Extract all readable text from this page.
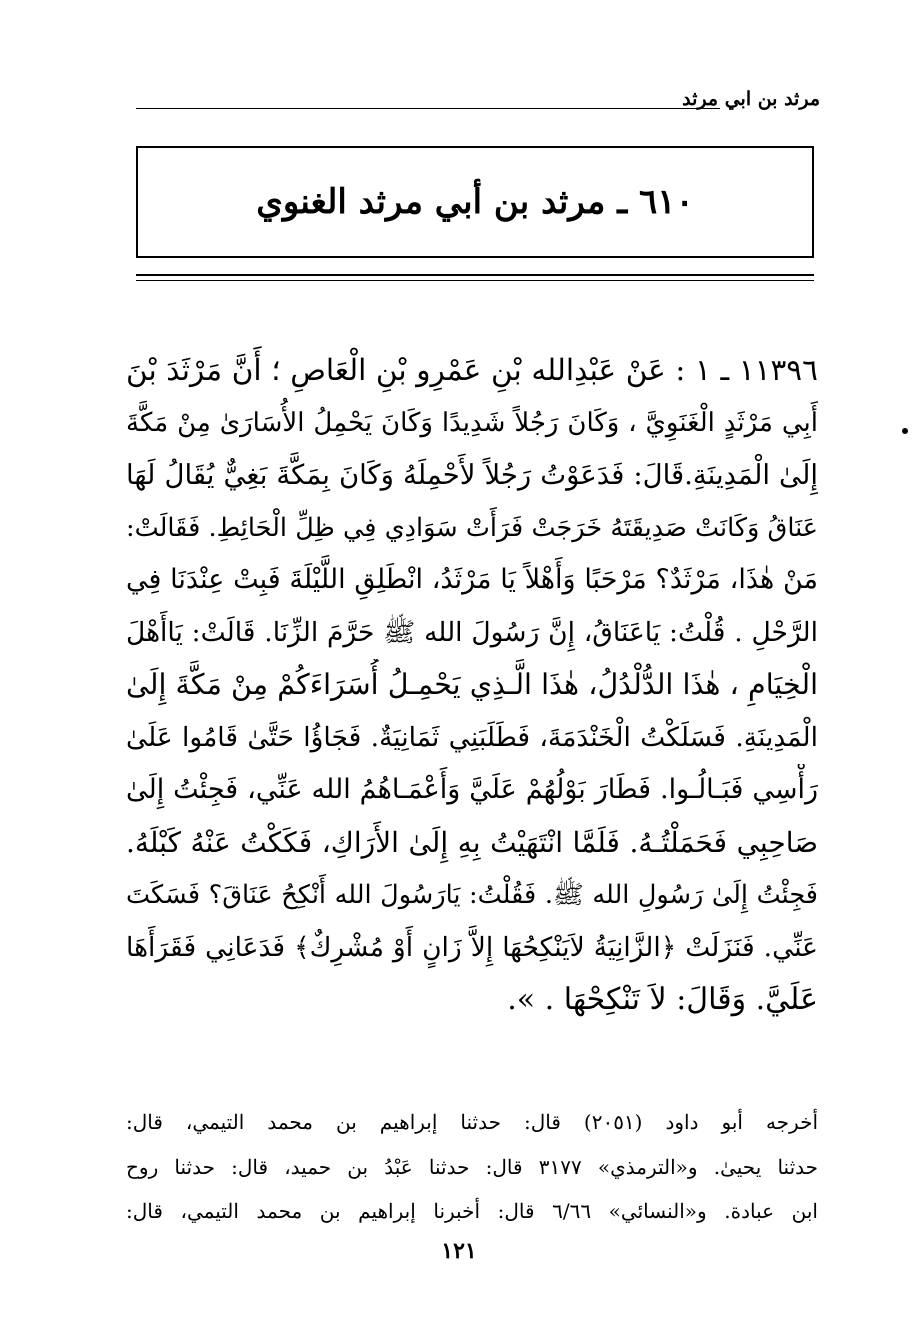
مرثد بن ابي مرثد
٦١٠ ـ مرثد بن أبي مرثد الغنوي
١١٣٩٦ ـ ١ : عَنْ عَبْدِالله بْنِ عَمْرِو بْنِ الْعَاصِ ؛ أَنَّ مَرْثَدَ بْنَ
أَبِي مَرْثَدٍ الْغَنَوِيَّ ، وَكَانَ رَجُلاً شَدِيدًا وَكَانَ يَحْمِلُ الأُسَارَىٰ مِنْ مَكَّةَ
إِلَىٰ الْمَدِينَةِ.قَالَ: فَدَعَوْتُ رَجُلاً لأَحْمِلَهُ وَكَانَ بِمَكَّةَ بَغِيٌّ يُقَالُ لَهَا
عَنَاقُ وَكَانَتْ صَدِيقَتَهُ خَرَجَتْ فَرَأَتْ سَوَادِي فِي ظِلِّ الْحَائِطِ. فَقَالَتْ:
مَنْ هٰذَا، مَرْثَدٌ؟ مَرْحَبًا وَأَهْلاً يَا مَرْثَدُ، انْطَلِقِ اللَّيْلَةَ فَبِتْ عِنْدَنَا فِي
الرَّحْلِ . قُلْتُ: يَاعَنَاقُ، إِنَّ رَسُولَ الله ﷺ حَرَّمَ الزِّنَا. قَالَتْ: يَاأَهْلَ
الْخِيَامِ ، هٰذَا الدُّلْدُلُ، هٰذَا الَّـذِي يَحْمِـلُ أُسَرَاءَكُمْ مِنْ مَكَّةَ إِلَىٰ
الْمَدِينَةِ. فَسَلَكْتُ الْخَنْدَمَةَ، فَطَلَبَنِي ثَمَانِيَةٌ. فَجَاؤُا حَتَّىٰ قَامُوا عَلَىٰ
رَأْسِي فَبَـالُـوا. فَطَارَ بَوْلُهُمْ عَلَيَّ وَأَعْمَـاهُمُ الله عَنِّي، فَجِئْتُ إِلَىٰ
صَاحِبِي فَحَمَلْتُـهُ. فَلَمَّا انْتَهَيْتُ بِهِ إِلَىٰ الأَرَاكِ، فَكَكْتُ عَنْهُ كَبْلَهُ.
فَجِئْتُ إِلَىٰ رَسُولِ الله ﷺ. فَقُلْتُ: يَارَسُولَ الله أَنْكِحُ عَنَاقَ؟ فَسَكَتَ
عَنِّي. فَنَزَلَتْ ﴿الزَّانِيَةُ لاَيَنْكِحُهَا إِلاَّ زَانٍ أَوْ مُشْرِكٌ﴾ فَدَعَانِي فَقَرَأَهَا
عَلَيَّ. وَقَالَ: لاَ تَنْكِحْهَا . ».
أخرجه أبو داود (٢٠٥١) قال: حدثنا إبراهيم بن محمد التيمي، قال:
حدثنا يحيىٰ. و«الترمذي» ٣١٧٧ قال: حدثنا عَبْدُ بن حميد، قال: حدثنا روح
ابن عبادة. و«النسائي» ٦/٦٦ قال: أخبرنا إبراهيم بن محمد التيمي، قال:
١٢١
